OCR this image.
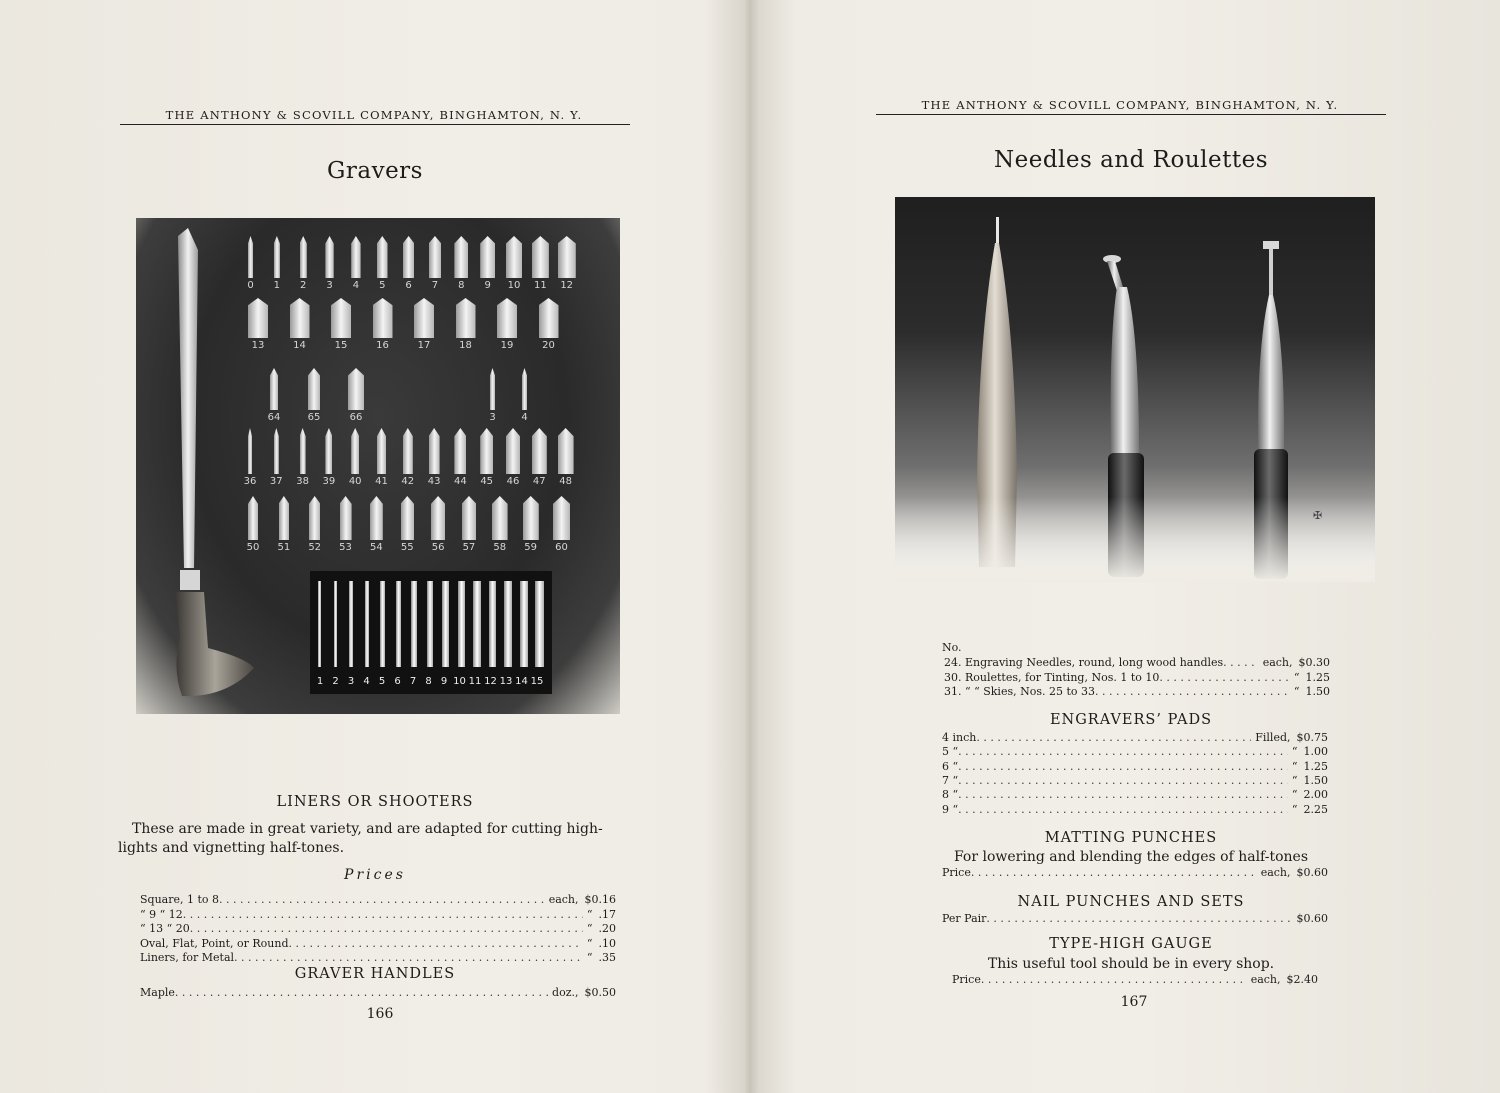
THE ANTHONY & SCOVILL COMPANY, BINGHAMTON, N. Y.
Gravers
0	1	2	3	4	5	6	7	8	9	10	11	12
13	14	15	16	17	18	19	20
64	65	66	3	4
36	37	38	39	40	41	42	43	44	45	46	47	48
50	51	52	53	54	55	56	57	58	59	60
1 2 3 4 5 6 7 8 9 10 11 12 13 14 15
LINERS OR SHOOTERS
These are made in great variety, and are adapted for cutting high-lights and vignetting half-tones.
Prices
Square, 1 to 8 . . .	each, $0.16
“ 9 “ 12 . . .	“ .17
“ 13 “ 20 . . .	“ .20
Oval, Flat, Point, or Round . . .	“ .10
Liners, for Metal . . .	“ .35
GRAVER HANDLES
Maple . . .	doz., $0.50
166
THE ANTHONY & SCOVILL COMPANY, BINGHAMTON, N. Y.
Needles and Roulettes
✠
No.
24. Engraving Needles, round, long wood handles . . .	each, $0.30
30. Roulettes, for Tinting, Nos. 1 to 10 . . .	“ 1.25
31. “ “ Skies, Nos. 25 to 33 . . .	“ 1.50
ENGRAVERS’ PADS
4 inch . . .	Filled, $0.75
5 “ . . .	“ 1.00
6 “ . . .	“ 1.25
7 “ . . .	“ 1.50
8 “ . . .	“ 2.00
9 “ . . .	“ 2.25
MATTING PUNCHES
For lowering and blending the edges of half-tones
Price . . .	each, $0.60
NAIL PUNCHES AND SETS
Per Pair . . .	$0.60
TYPE-HIGH GAUGE
This useful tool should be in every shop.
Price . . .	each, $2.40
167
